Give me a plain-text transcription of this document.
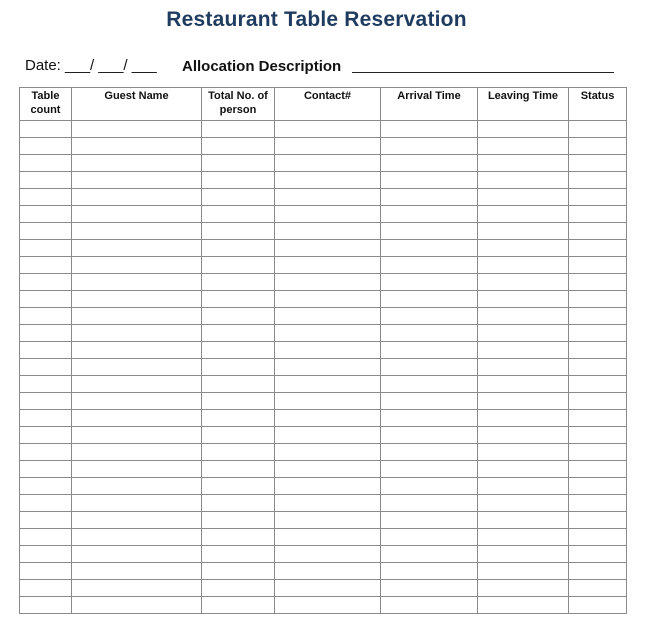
Restaurant Table Reservation
Date: ___/ ___/ ___ Allocation Description
Table count	Guest Name	Total No. of person	Contact#	Arrival Time	Leaving Time	Status
